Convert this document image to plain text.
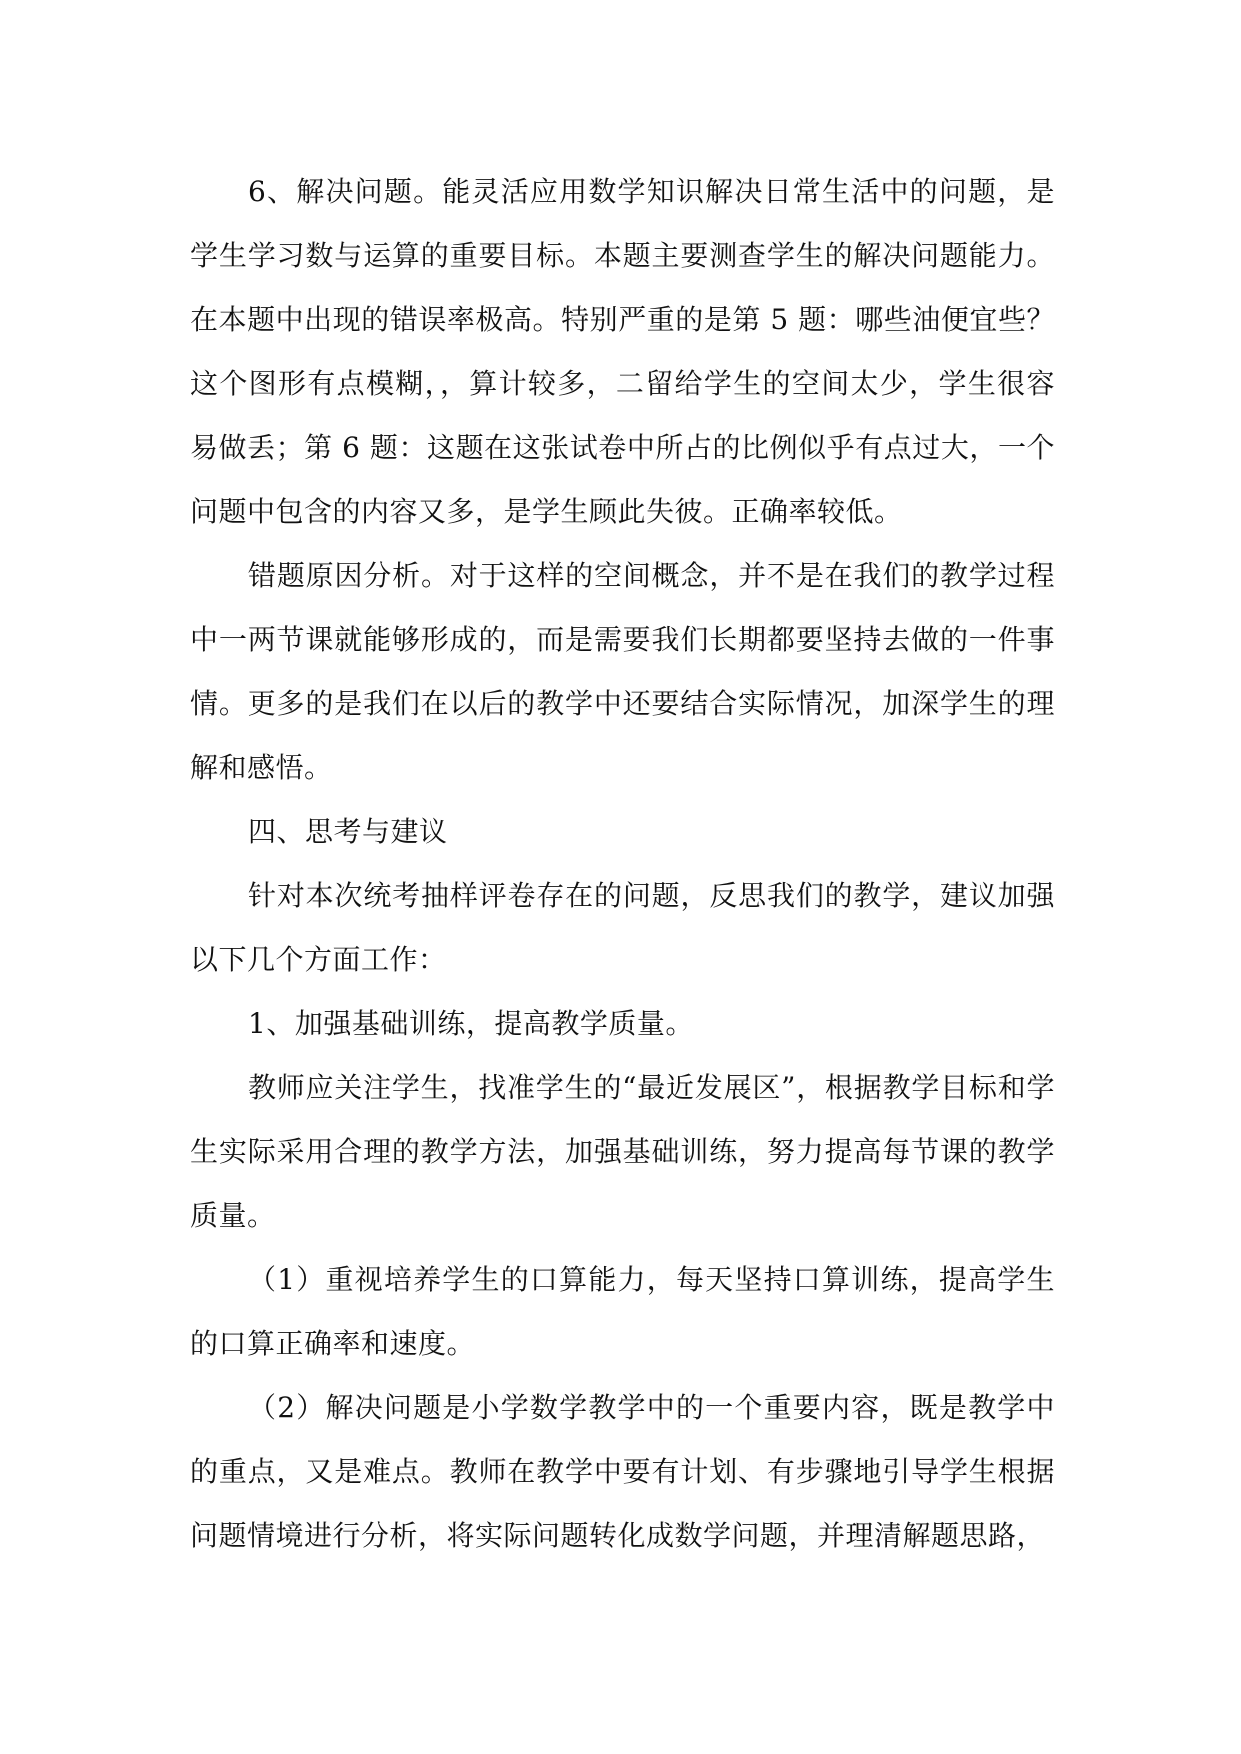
6、解决问题。能灵活应用数学知识解决日常生活中的问题，是学生学习数与运算的重要目标。本题主要测查学生的解决问题能力。在本题中出现的错误率极高。特别严重的是第 5 题：哪些油便宜些？这个图形有点模糊，，算计较多，二留给学生的空间太少，学生很容易做丢；第 6 题：这题在这张试卷中所占的比例似乎有点过大，一个问题中包含的内容又多，是学生顾此失彼。正确率较低。

错题原因分析。对于这样的空间概念，并不是在我们的教学过程中一两节课就能够形成的，而是需要我们长期都要坚持去做的一件事情。更多的是我们在以后的教学中还要结合实际情况，加深学生的理解和感悟。

四、思考与建议

针对本次统考抽样评卷存在的问题，反思我们的教学，建议加强以下几个方面工作：

1、加强基础训练，提高教学质量。

教师应关注学生，找准学生的“最近发展区”，根据教学目标和学生实际采用合理的教学方法，加强基础训练，努力提高每节课的教学质量。

（1）重视培养学生的口算能力，每天坚持口算训练，提高学生的口算正确率和速度。

（2）解决问题是小学数学教学中的一个重要内容，既是教学中的重点，又是难点。教师在教学中要有计划、有步骤地引导学生根据问题情境进行分析，将实际问题转化成数学问题，并理清解题思路，
